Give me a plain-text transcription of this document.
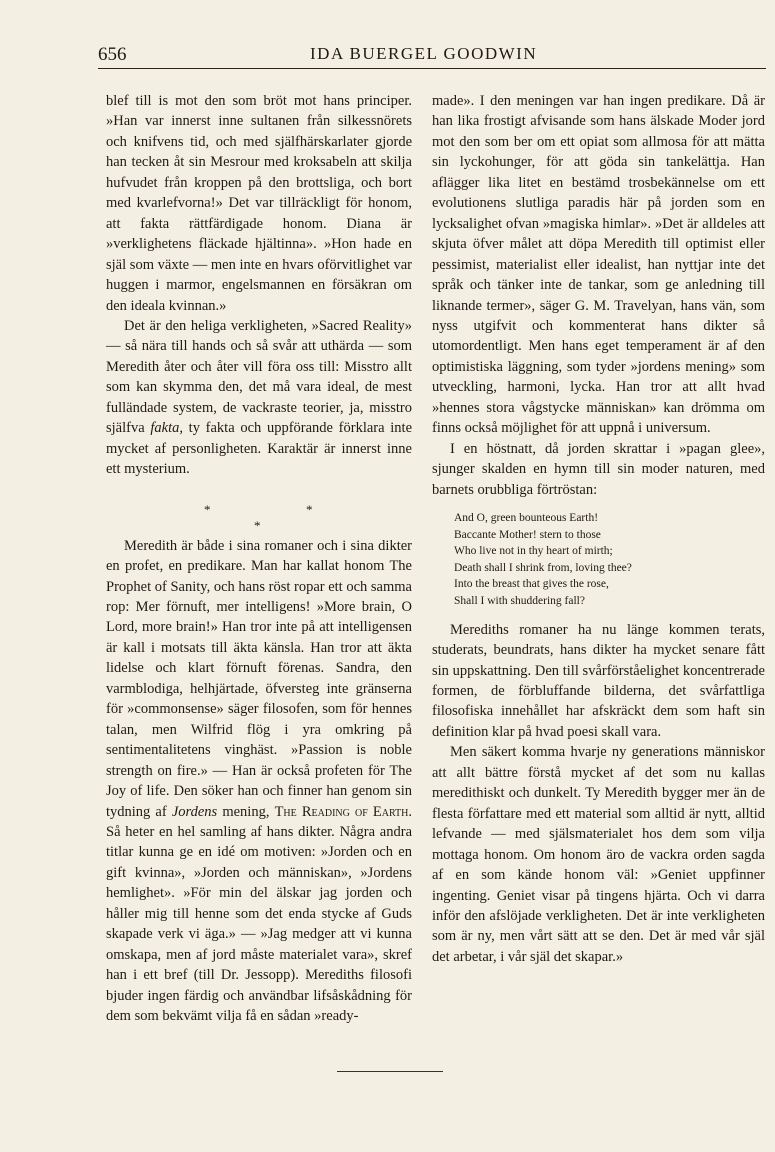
656	IDA BUERGEL GOODWIN

blef till is mot den som bröt mot hans principer. »Han var innerst inne sultanen från silkessnörets och knifvens tid, och med själfhärskarlater gjorde han tecken åt sin Mesrour med kroksabeln att skilja hufvudet från kroppen på den brottsliga, och bort med kvarlefvorna!» Det var tillräckligt för honom, att fakta rättfärdigade honom. Diana är »verklighetens fläckade hjältinna». »Hon hade en själ som växte — men inte en hvars oförvitlighet var huggen i marmor, engelsmannen en försäkran om den ideala kvinnan.»

Det är den heliga verkligheten, »Sacred Reality» — så nära till hands och så svår att uthärda — som Meredith åter och åter vill föra oss till: Misstro allt som kan skymma den, det må vara ideal, de mest fulländade system, de vackraste teorier, ja, misstro själfva fakta, ty fakta och uppförande förklara inte mycket af personligheten. Karaktär är innerst inne ett mysterium.

*	*
*

Meredith är både i sina romaner och i sina dikter en profet, en predikare. Man har kallat honom The Prophet of Sanity, och hans röst ropar ett och samma rop: Mer förnuft, mer intelligens! »More brain, O Lord, more brain!» Han tror inte på att intelligensen är kall i motsats till äkta känsla. Han tror att äkta lidelse och klart förnuft förenas. Sandra, den varmblodiga, helhjärtade, öfversteg inte gränserna för »commonsense» säger filosofen, som för hennes talan, men Wilfrid flög i yra omkring på sentimentalitetens vinghäst. »Passion is noble strength on fire.» — Han är också profeten för The Joy of life. Den söker han och finner han genom sin tydning af Jordens mening, The Reading of Earth. Så heter en hel samling af hans dikter. Några andra titlar kunna ge en idé om motiven: »Jorden och en gift kvinna», »Jorden och människan», »Jordens hemlighet». »För min del älskar jag jorden och håller mig till henne som det enda stycke af Guds skapade verk vi äga.» — »Jag medger att vi kunna omskapa, men af jord måste materialet vara», skref han i ett bref (till Dr. Jessopp). Merediths filosofi bjuder ingen färdig och användbar lifsåskådning för dem som bekvämt vilja få en sådan »ready-

made». I den meningen var han ingen predikare. Då är han lika frostigt afvisande som hans älskade Moder jord mot den som ber om ett opiat som allmosa för att mätta sin lyckohunger, för att göda sin tankelättja. Han aflägger lika litet en bestämd trosbekännelse om ett evolutionens slutliga paradis här på jorden som en lycksalighet ofvan »magiska himlar». »Det är alldeles att skjuta öfver målet att döpa Meredith till optimist eller pessimist, materialist eller idealist, han nyttjar inte det språk och tänker inte de tankar, som ge anledning till liknande termer», säger G. M. Travelyan, hans vän, som nyss utgifvit och kommenterat hans dikter så utomordentligt. Men hans eget temperament är af den optimistiska läggning, som tyder »jordens mening» som utveckling, harmoni, lycka. Han tror att allt hvad »hennes stora vågstycke människan» kan drömma om finns också möjlighet för att uppnå i universum.

I en höstnatt, då jorden skrattar i »pagan glee», sjunger skalden en hymn till sin moder naturen, med barnets orubbliga förtröstan:

And O, green bounteous Earth!
Baccante Mother! stern to those
Who live not in thy heart of mirth;
Death shall I shrink from, loving thee?
Into the breast that gives the rose,
Shall I with shuddering fall?

Merediths romaner ha nu länge kommen terats, studerats, beundrats, hans dikter ha mycket senare fått sin uppskattning. Den till svårförståelighet koncentrerade formen, de förbluffande bilderna, det svårfattliga filosofiska innehållet har afskräckt dem som haft sin definition klar på hvad poesi skall vara.

Men säkert komma hvarje ny generations människor att allt bättre förstå mycket af det som nu kallas meredithiskt och dunkelt. Ty Meredith bygger mer än de flesta författare med ett material som alltid är nytt, alltid lefvande — med själsmaterialet hos dem som vilja mottaga honom. Om honom äro de vackra orden sagda af en som kände honom väl: »Geniet uppfinner ingenting. Geniet visar på tingens hjärta. Och vi darra inför den afslöjade verkligheten. Det är inte verkligheten som är ny, men vårt sätt att se den. Det är med vår själ det arbetar, i vår själ det skapar.»
